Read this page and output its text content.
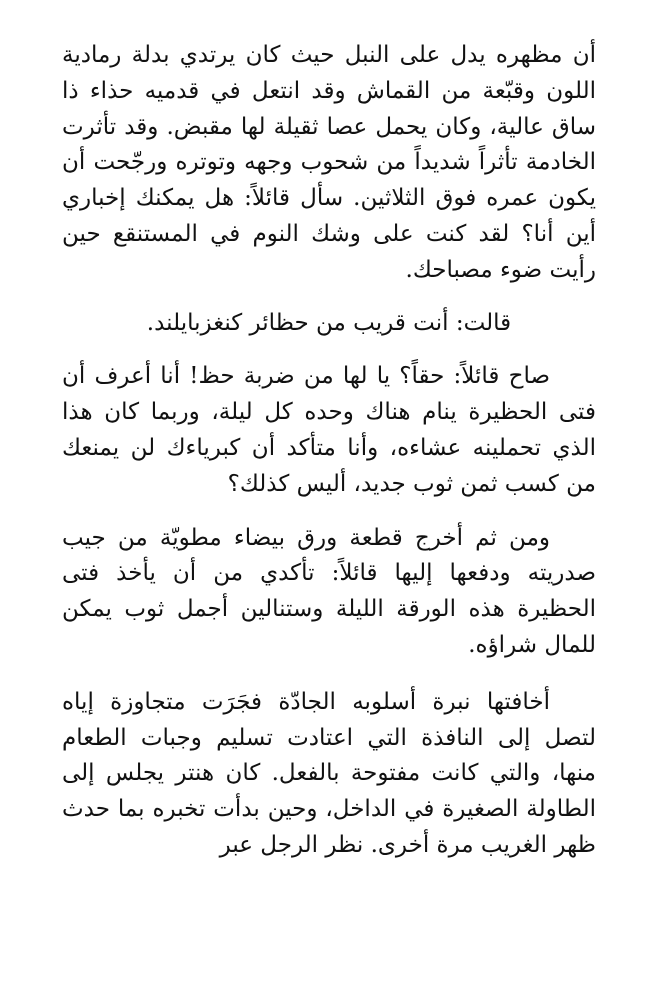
أن مظهره يدل على النبل حيث كان يرتدي بدلة رمادية اللون وقبّعة من القماش وقد انتعل في قدميه حذاء ذا ساق عالية، وكان يحمل عصا ثقيلة لها مقبض. وقد تأثرت الخادمة تأثراً شديداً من شحوب وجهه وتوتره ورجّحت أن يكون عمره فوق الثلاثين. سأل قائلاً: هل يمكنك إخباري أين أنا؟ لقد كنت على وشك النوم في المستنقع حين رأيت ضوء مصباحك.

قالت: أنت قريب من حظائر كنغزبايلند.

صاح قائلاً: حقاً؟ يا لها من ضربة حظ! أنا أعرف أن فتى الحظيرة ينام هناك وحده كل ليلة، وربما كان هذا الذي تحملينه عشاءه، وأنا متأكد أن كبرياءك لن يمنعك من كسب ثمن ثوب جديد، أليس كذلك؟

ومن ثم أخرج قطعة ورق بيضاء مطويّة من جيب صدريته ودفعها إليها قائلاً: تأكدي من أن يأخذ فتى الحظيرة هذه الورقة الليلة وستنالين أجمل ثوب يمكن للمال شراؤه.

أخافتها نبرة أسلوبه الجادّة فجَرَت متجاوزة إياه لتصل إلى النافذة التي اعتادت تسليم وجبات الطعام منها، والتي كانت مفتوحة بالفعل. كان هنتر يجلس إلى الطاولة الصغيرة في الداخل، وحين بدأت تخبره بما حدث ظهر الغريب مرة أخرى. نظر الرجل عبر
